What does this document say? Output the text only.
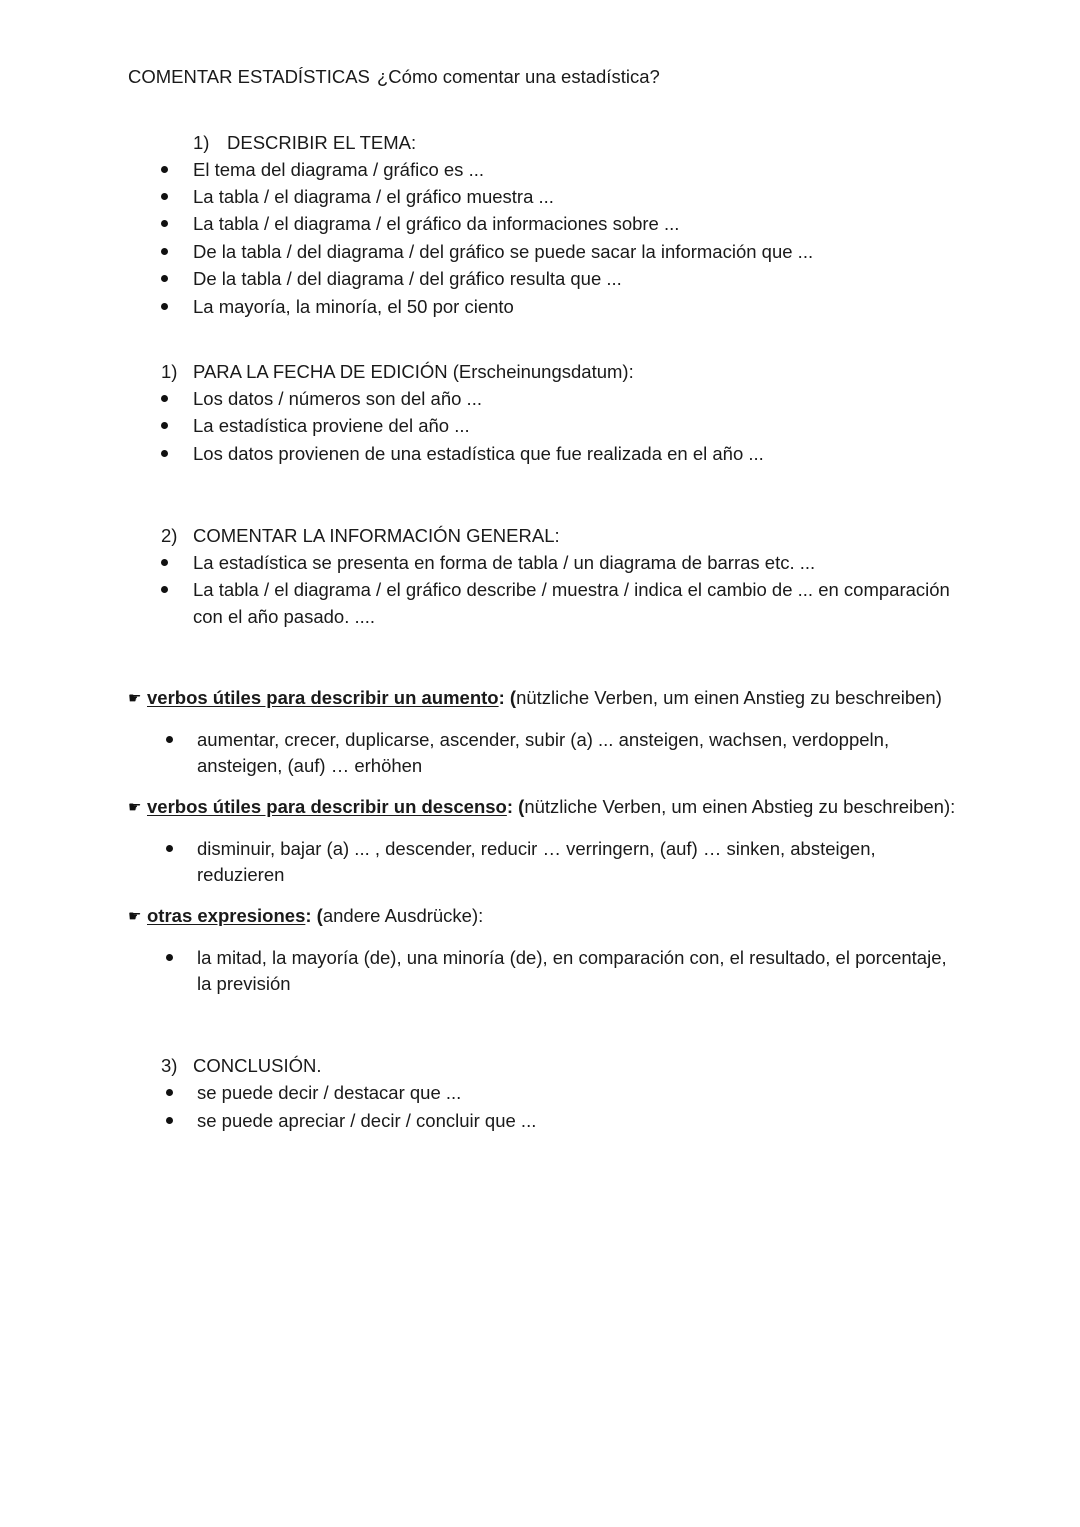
COMENTAR ESTADÍSTICAS ¿Cómo comentar una estadística?
1) DESCRIBIR EL TEMA:
El tema del diagrama / gráfico es ...
La tabla / el diagrama / el gráfico muestra ...
La tabla / el diagrama / el gráfico da informaciones sobre ...
De la tabla / del diagrama / del gráfico se puede sacar la información que ...
De la tabla / del diagrama / del gráfico resulta que ...
La mayoría, la minoría, el 50 por ciento
1) PARA LA FECHA DE EDICIÓN (Erscheinungsdatum):
Los datos / números son del año ...
La estadística proviene del año ...
Los datos provienen de una estadística que fue realizada en el año ...
2) COMENTAR LA INFORMACIÓN GENERAL:
La estadística se presenta en forma de tabla / un diagrama de barras etc. ...
La tabla / el diagrama / el gráfico describe / muestra / indica el cambio de ... en comparación
con el año pasado. ....
☛ verbos útiles para describir un aumento: (nützliche Verben, um einen Anstieg zu beschreiben)
aumentar, crecer, duplicarse, ascender, subir (a) ... ansteigen, wachsen, verdoppeln,
ansteigen, (auf) … erhöhen
☛ verbos útiles para describir un descenso: (nützliche Verben, um einen Abstieg zu beschreiben):
disminuir, bajar (a) ... , descender, reducir … verringern, (auf) … sinken, absteigen,
reduzieren
☛ otras expresiones: (andere Ausdrücke):
la mitad, la mayoría (de), una minoría (de), en comparación con, el resultado, el porcentaje,
la previsión
3) CONCLUSIÓN.
se puede decir / destacar que ...
se puede apreciar / decir / concluir que ...
